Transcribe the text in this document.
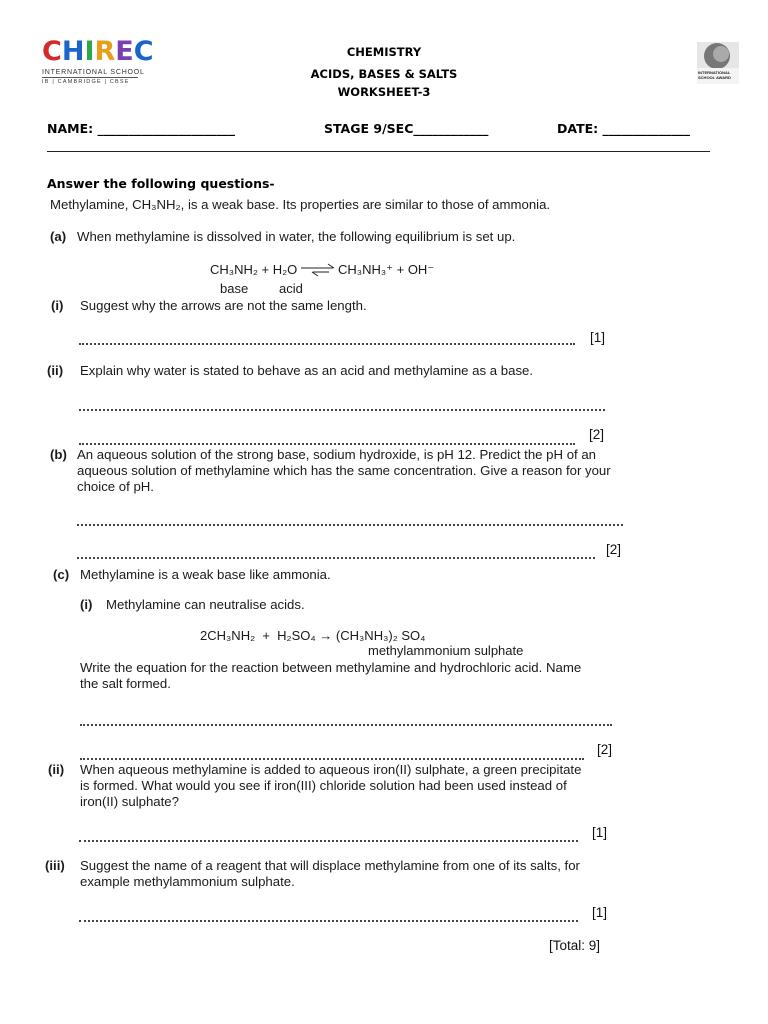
CHIREC
INTERNATIONAL SCHOOL
IB | CAMBRIDGE | CBSE
CHEMISTRY
ACIDS, BASES & SALTS
WORKSHEET-3
INTERNATIONAL SCHOOL AWARD
NAME: ______________________	STAGE 9/SEC____________	DATE: ______________
Answer the following questions-
Methylamine, CH₃NH₂, is a weak base. Its properties are similar to those of ammonia.
(a) When methylamine is dissolved in water, the following equilibrium is set up.
CH₃NH₂ + H₂O	CH₃NH₃⁺ + OH⁻
base acid
(i) Suggest why the arrows are not the same length.
[1]
(ii) Explain why water is stated to behave as an acid and methylamine as a base.
[2]
(b) An aqueous solution of the strong base, sodium hydroxide, is pH 12. Predict the pH of an aqueous solution of methylamine which has the same concentration. Give a reason for your choice of pH.
[2]
(c) Methylamine is a weak base like ammonia.
(i) Methylamine can neutralise acids.
2CH₃NH₂  +  H₂SO₄ → (CH₃NH₃)₂ SO₄
methylammonium sulphate
Write the equation for the reaction between methylamine and hydrochloric acid. Name the salt formed.
[2]
(ii) When aqueous methylamine is added to aqueous iron(II) sulphate, a green precipitate is formed. What would you see if iron(III) chloride solution had been used instead of iron(II) sulphate?
[1]
(iii) Suggest the name of a reagent that will displace methylamine from one of its salts, for example methylammonium sulphate.
[1]
[Total: 9]
